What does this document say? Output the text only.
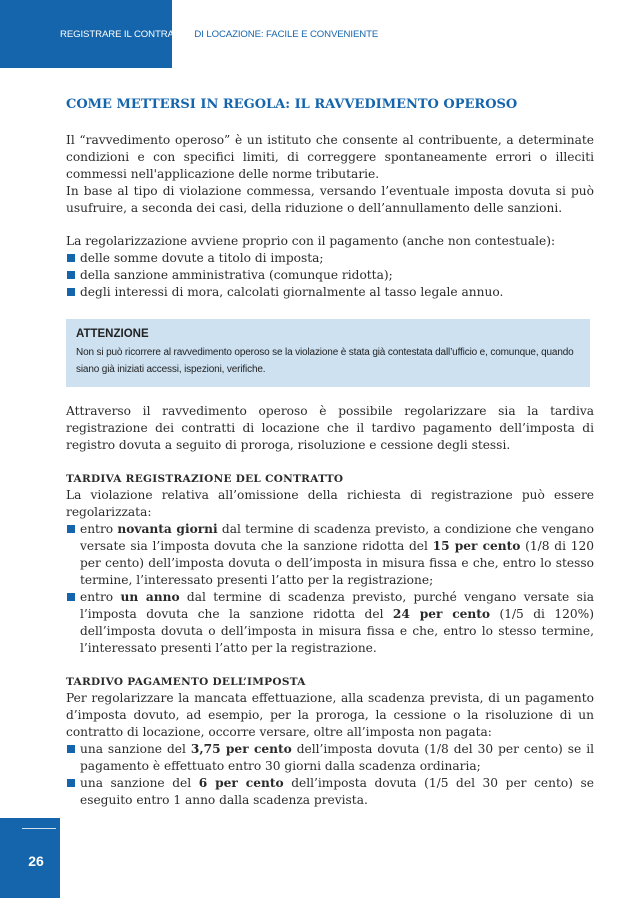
REGISTRARE IL CONTRATTO DI LOCAZIONE: FACILE E CONVENIENTE
COME METTERSI IN REGOLA: IL RAVVEDIMENTO OPEROSO

Il “ravvedimento operoso” è un istituto che consente al contribuente, a determinate condizioni e con specifici limiti, di correggere spontaneamente errori o illeciti commessi nell'applicazione delle norme tributarie.

In base al tipo di violazione commessa, versando l’eventuale imposta dovuta si può usufruire, a seconda dei casi, della riduzione o dell’annullamento delle sanzioni.

La regolarizzazione avviene proprio con il pagamento (anche non contestuale):

delle somme dovute a titolo di imposta;
della sanzione amministrativa (comunque ridotta);
degli interessi di mora, calcolati giornalmente al tasso legale annuo.
ATTENZIONE
Non si può ricorrere al ravvedimento operoso se la violazione è stata già contestata dall’ufficio e, comunque, quando
siano già iniziati accessi, ispezioni, verifiche.

Attraverso il ravvedimento operoso è possibile regolarizzare sia la tardiva registrazione dei contratti di locazione che il tardivo pagamento dell’imposta di registro dovuta a seguito di proroga, risoluzione e cessione degli stessi.

TARDIVA REGISTRAZIONE DEL CONTRATTO

La violazione relativa all’omissione della richiesta di registrazione può essere regolarizzata:

entro novanta giorni dal termine di scadenza previsto, a condizione che vengano versate sia l’imposta dovuta che la sanzione ridotta del 15 per cento (1/8 di 120 per cento) dell’imposta dovuta o dell’imposta in misura fissa e che, entro lo stesso termine, l’interessato presenti l’atto per la registrazione;
entro un anno dal termine di scadenza previsto, purché vengano versate sia l’imposta dovuta che la sanzione ridotta del 24 per cento (1/5 di 120%) dell’imposta dovuta o dell’imposta in misura fissa e che, entro lo stesso termine, l’interessato presenti l’atto per la registrazione.
TARDIVO PAGAMENTO DELL’IMPOSTA

Per regolarizzare la mancata effettuazione, alla scadenza prevista, di un pagamento d’imposta dovuto, ad esempio, per la proroga, la cessione o la risoluzione di un contratto di locazione, occorre versare, oltre all’imposta non pagata:

una sanzione del 3,75 per cento dell’imposta dovuta (1/8 del 30 per cento) se il pagamento è effettuato entro 30 giorni dalla scadenza ordinaria;
una sanzione del 6 per cento dell’imposta dovuta (1/5 del 30 per cento) se eseguito entro 1 anno dalla scadenza prevista.
26
